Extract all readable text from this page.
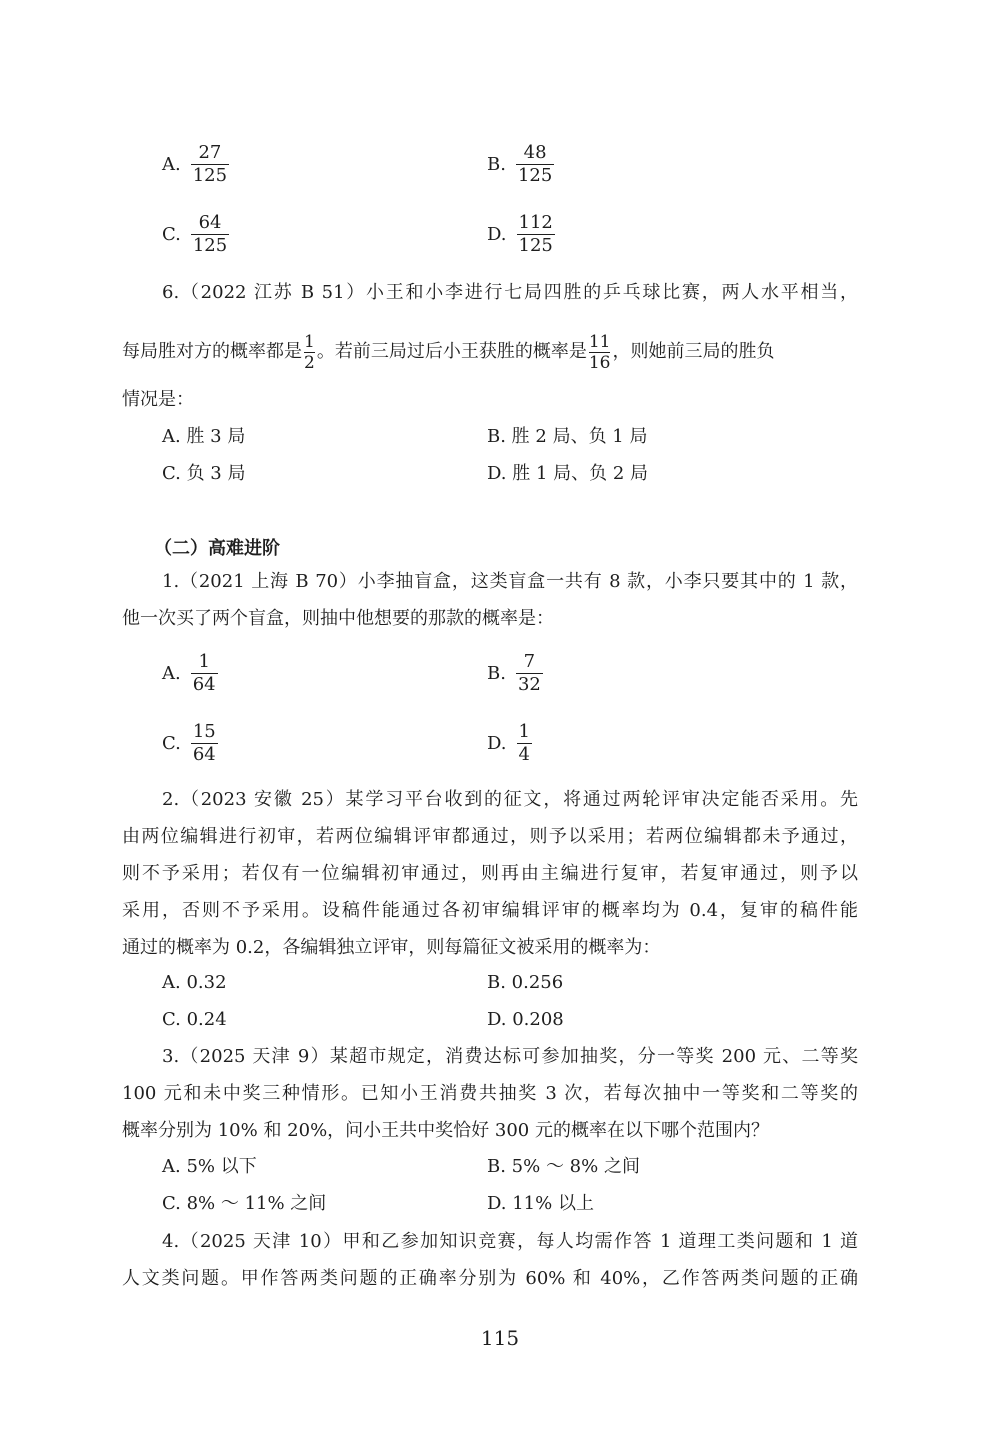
A. $\frac{27}{125}$	B. $\frac{48}{125}$
C. $\frac{64}{125}$	D. $\frac{112}{125}$
6.（2022 江苏 B 51）小王和小李进行七局四胜的乒乓球比赛，两人水平相当，
每局胜对方的概率都是 $\frac{1}{2}$ 。若前三局过后小王获胜的概率是 $\frac{11}{16}$ ，则她前三局的胜负
情况是：
A. 胜 3 局	B. 胜 2 局、负 1 局
C. 负 3 局	D. 胜 1 局、负 2 局
（二）高难进阶
1.（2021 上海 B 70）小李抽盲盒，这类盲盒一共有 8 款，小李只要其中的 1 款，
他一次买了两个盲盒，则抽中他想要的那款的概率是：
A. $\frac{1}{64}$	B. $\frac{7}{32}$
C. $\frac{15}{64}$	D. $\frac{1}{4}$
2.（2023 安徽 25）某学习平台收到的征文，将通过两轮评审决定能否采用。先
由两位编辑进行初审，若两位编辑评审都通过，则予以采用；若两位编辑都未予通过，
则不予采用；若仅有一位编辑初审通过，则再由主编进行复审，若复审通过，则予以
采用，否则不予采用。设稿件能通过各初审编辑评审的概率均为 0.4，复审的稿件能
通过的概率为 0.2，各编辑独立评审，则每篇征文被采用的概率为：
A. 0.32	B. 0.256
C. 0.24	D. 0.208
3.（2025 天津 9）某超市规定，消费达标可参加抽奖，分一等奖 200 元、二等奖
100 元和未中奖三种情形。已知小王消费共抽奖 3 次，若每次抽中一等奖和二等奖的
概率分别为 10% 和 20%，问小王共中奖恰好 300 元的概率在以下哪个范围内？
A. 5% 以下	B. 5% ～ 8% 之间
C. 8% ～ 11% 之间	D. 11% 以上
4.（2025 天津 10）甲和乙参加知识竞赛，每人均需作答 1 道理工类问题和 1 道
人文类问题。甲作答两类问题的正确率分别为 60% 和 40%，乙作答两类问题的正确
115
